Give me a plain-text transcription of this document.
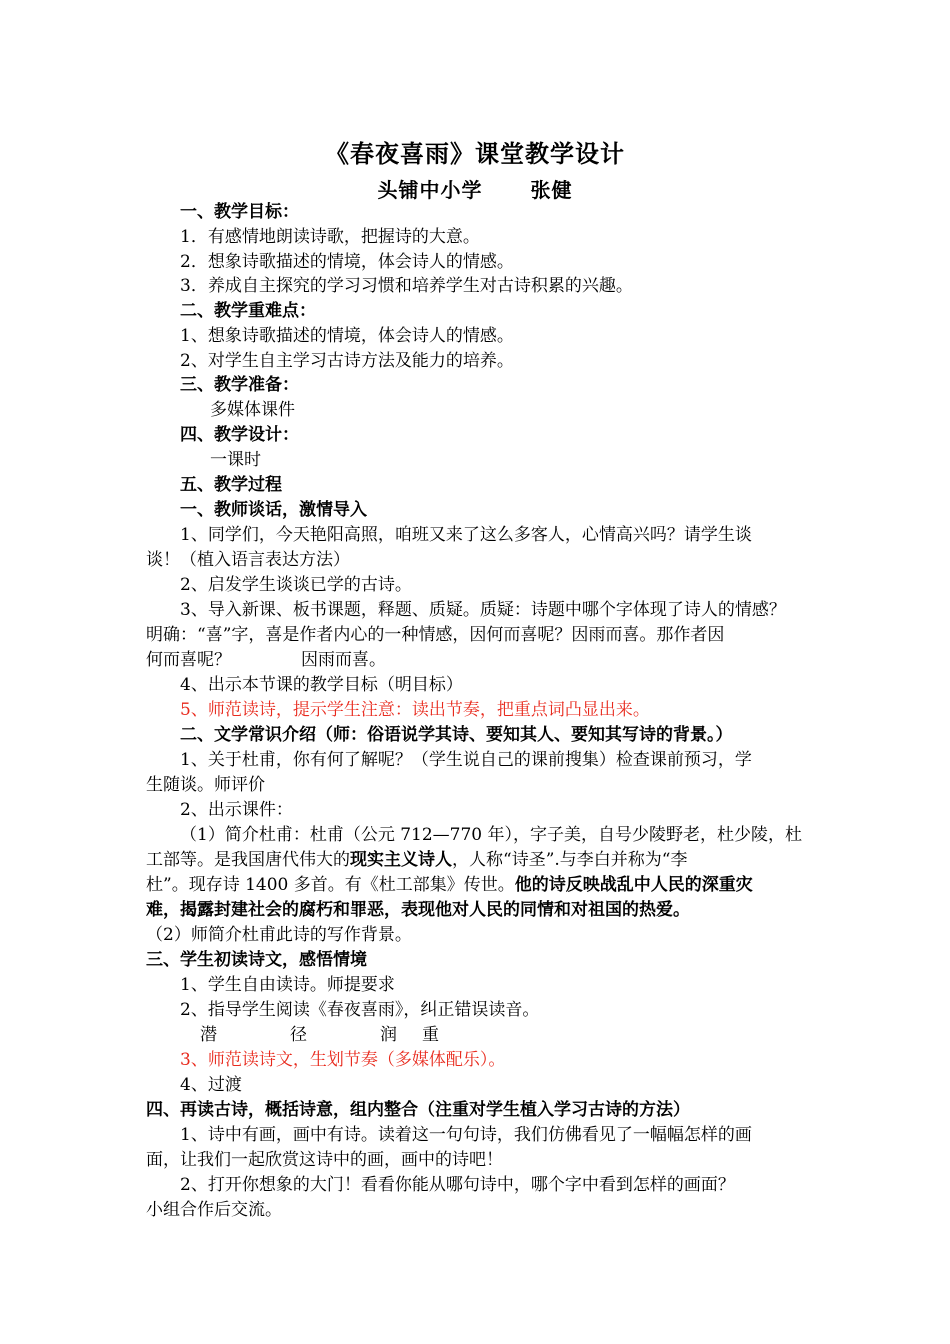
《春夜喜雨》课堂教学设计
头铺中小学 张健
一、教学目标：
1．有感情地朗读诗歌，把握诗的大意。
2．想象诗歌描述的情境，体会诗人的情感。
3．养成自主探究的学习习惯和培养学生对古诗积累的兴趣。
二、教学重难点：
1、想象诗歌描述的情境，体会诗人的情感。
2、对学生自主学习古诗方法及能力的培养。
三、教学准备：
多媒体课件
四、教学设计：
一课时
五、教学过程
一、教师谈话，激情导入
1、同学们，今天艳阳高照，咱班又来了这么多客人，心情高兴吗？请学生谈
谈！（植入语言表达方法）
2、启发学生谈谈已学的古诗。
3、导入新课、板书课题，释题、质疑。质疑：诗题中哪个字体现了诗人的情感？
明确：“喜”字，喜是作者内心的一种情感，因何而喜呢？因雨而喜。那作者因
何而喜呢？	因雨而喜。
4、出示本节课的教学目标（明目标）
5、师范读诗，提示学生注意：读出节奏，把重点词凸显出来。
二、文学常识介绍（师：俗语说学其诗、要知其人、要知其写诗的背景。）
1、关于杜甫，你有何了解呢？（学生说自己的课前搜集）检查课前预习，学
生随谈。师评价
2、出示课件：
（1）简介杜甫：杜甫（公元 712—770 年），字子美，自号少陵野老，杜少陵，杜
工部等。是我国唐代伟大的现实主义诗人，人称“诗圣”.与李白并称为“李
杜”。现存诗 1400 多首。有《杜工部集》传世。他的诗反映战乱中人民的深重灾
难，揭露封建社会的腐朽和罪恶，表现他对人民的同情和对祖国的热爱。
（2）师简介杜甫此诗的写作背景。
三、学生初读诗文，感悟情境
1、学生自由读诗。师提要求
2、指导学生阅读《春夜喜雨》，纠正错误读音。
潜	径	润 重
3、师范读诗文，生划节奏（多媒体配乐）。
4、过渡
四、再读古诗，概括诗意，组内整合（注重对学生植入学习古诗的方法）
1、诗中有画，画中有诗。读着这一句句诗，我们仿佛看见了一幅幅怎样的画
面，让我们一起欣赏这诗中的画，画中的诗吧！
2、打开你想象的大门！看看你能从哪句诗中，哪个字中看到怎样的画面？
小组合作后交流。
